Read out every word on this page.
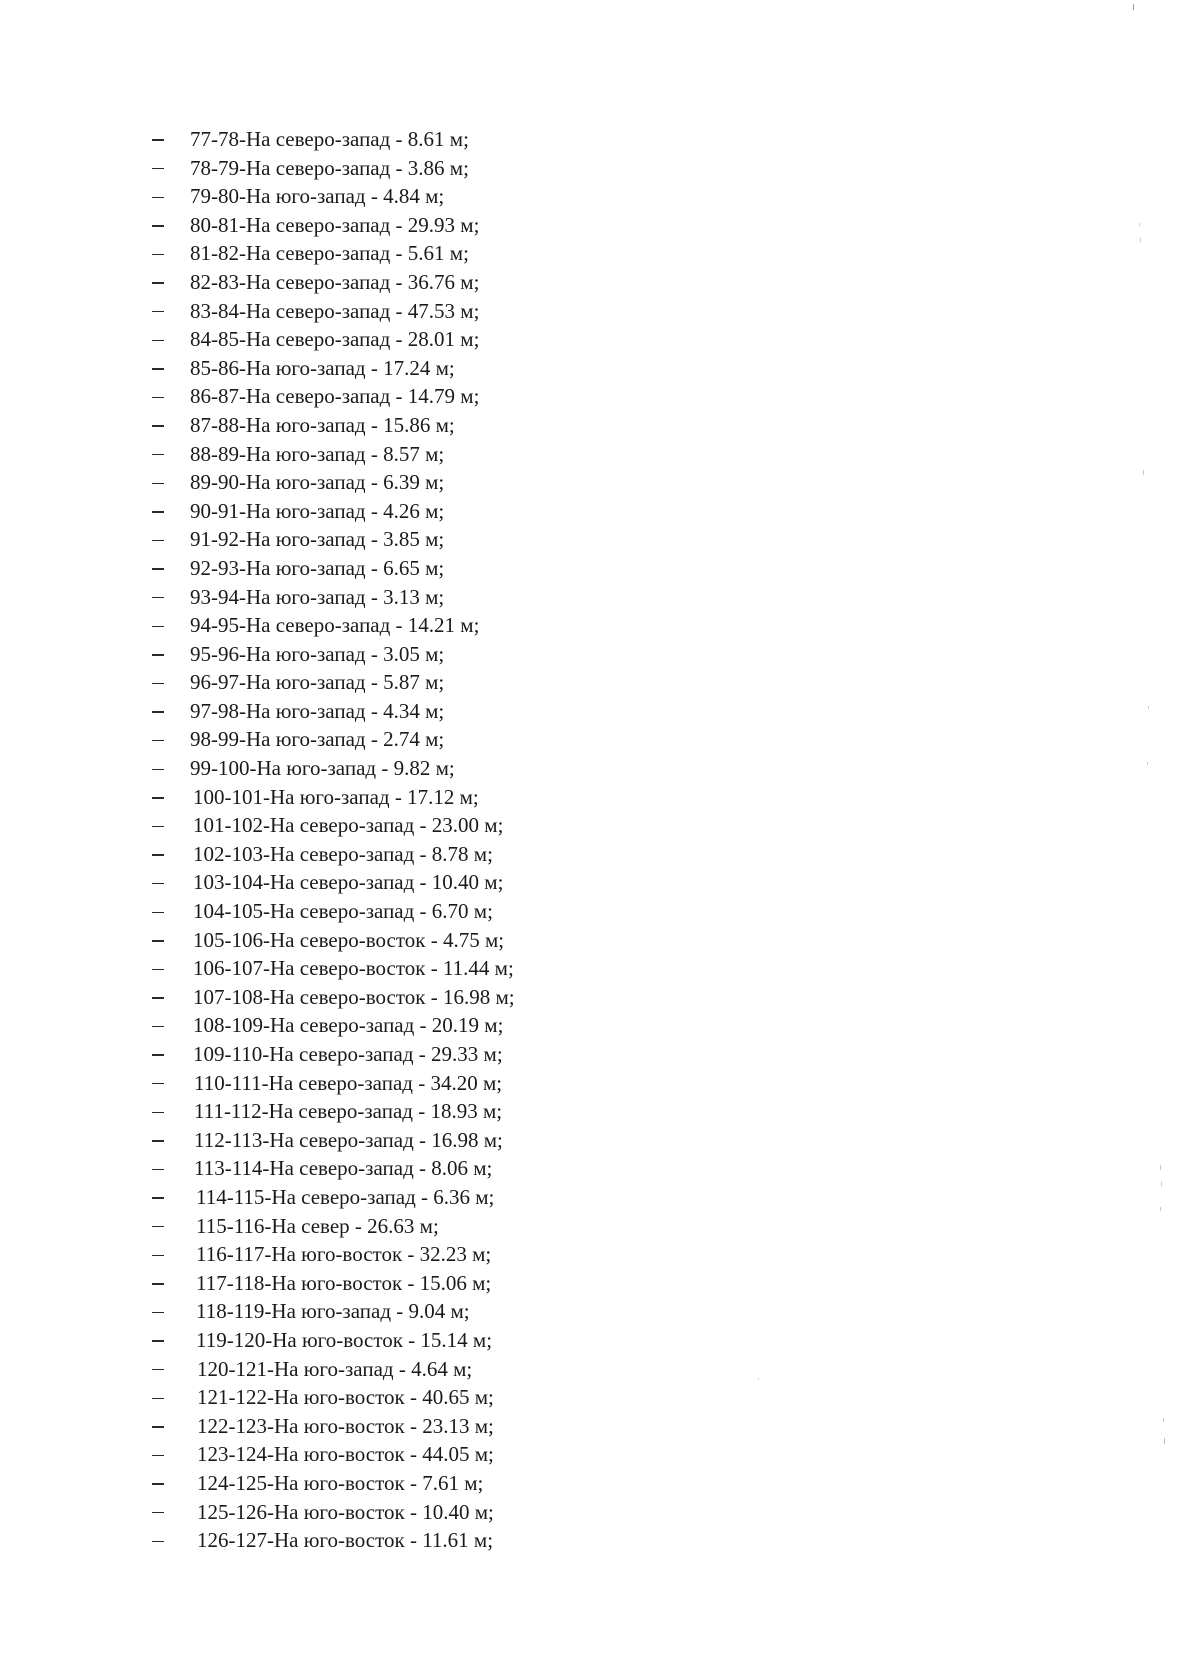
77-78-На северо-запад - 8.61 м;
78-79-На северо-запад - 3.86 м;
79-80-На юго-запад - 4.84 м;
80-81-На северо-запад - 29.93 м;
81-82-На северо-запад - 5.61 м;
82-83-На северо-запад - 36.76 м;
83-84-На северо-запад - 47.53 м;
84-85-На северо-запад - 28.01 м;
85-86-На юго-запад - 17.24 м;
86-87-На северо-запад - 14.79 м;
87-88-На юго-запад - 15.86 м;
88-89-На юго-запад - 8.57 м;
89-90-На юго-запад - 6.39 м;
90-91-На юго-запад - 4.26 м;
91-92-На юго-запад - 3.85 м;
92-93-На юго-запад - 6.65 м;
93-94-На юго-запад - 3.13 м;
94-95-На северо-запад - 14.21 м;
95-96-На юго-запад - 3.05 м;
96-97-На юго-запад - 5.87 м;
97-98-На юго-запад - 4.34 м;
98-99-На юго-запад - 2.74 м;
99-100-На юго-запад - 9.82 м;
100-101-На юго-запад - 17.12 м;
101-102-На северо-запад - 23.00 м;
102-103-На северо-запад - 8.78 м;
103-104-На северо-запад - 10.40 м;
104-105-На северо-запад - 6.70 м;
105-106-На северо-восток - 4.75 м;
106-107-На северо-восток - 11.44 м;
107-108-На северо-восток - 16.98 м;
108-109-На северо-запад - 20.19 м;
109-110-На северо-запад - 29.33 м;
110-111-На северо-запад - 34.20 м;
111-112-На северо-запад - 18.93 м;
112-113-На северо-запад - 16.98 м;
113-114-На северо-запад - 8.06 м;
114-115-На северо-запад - 6.36 м;
115-116-На север - 26.63 м;
116-117-На юго-восток - 32.23 м;
117-118-На юго-восток - 15.06 м;
118-119-На юго-запад - 9.04 м;
119-120-На юго-восток - 15.14 м;
120-121-На юго-запад - 4.64 м;
121-122-На юго-восток - 40.65 м;
122-123-На юго-восток - 23.13 м;
123-124-На юго-восток - 44.05 м;
124-125-На юго-восток - 7.61 м;
125-126-На юго-восток - 10.40 м;
126-127-На юго-восток - 11.61 м;
